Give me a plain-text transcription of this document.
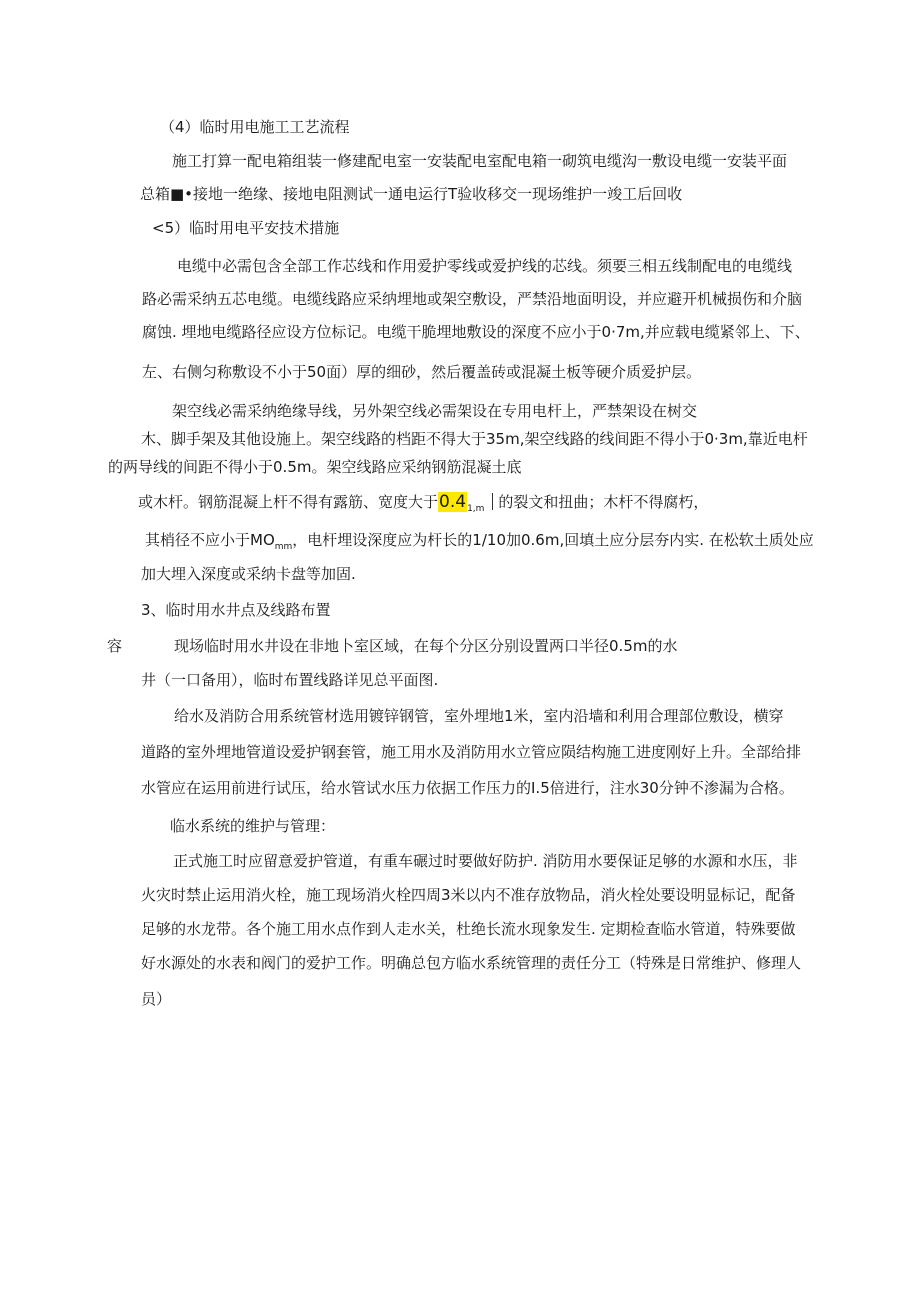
（4）临时用电施工工艺流程
施工打算一配电箱组装一修建配电室一安装配电室配电箱一砌筑电缆沟一敷设电缆一安装平面
总箱■•接地一绝缘、接地电阻测试一通电运行T验收移交一现场维护一竣工后回收
<5）临时用电平安技术措施
电缆中必需包含全部工作芯线和作用爱护零线或爱护线的芯线。须要三相五线制配电的电缆线
路必需采纳五芯电缆。电缆线路应采纳埋地或架空敷设，严禁沿地面明设，并应避开机械损伤和介脑
腐蚀. 埋地电缆路径应设方位标记。电缆干脆埋地敷设的深度不应小于0·7m,并应载电缆紧邻上、下、
左、右侧匀称敷设不小于50面）厚的细砂，然后覆盖砖或混凝土板等硬介质爱护层。
架空线必需采纳绝缘导线，另外架空线必需架设在专用电杆上，严禁架设在树交
木、脚手架及其他设施上。架空线路的档距不得大于35m,架空线路的线间距不得小于0·3m,靠近电杆
的两导线的间距不得小于0.5m。架空线路应采纳钢筋混凝土底
或木杆。钢筋混凝上杆不得有露筋、宽度大于$0.4_{1,m}$ 的裂文和扭曲；木杆不得腐朽，
其梢径不应小于$MO_{mm}$，电杆埋设深度应为杆长的1/10加0.6m,回填土应分层夯内实. 在松软土质处应
加大埋入深度或采纳卡盘等加固.
3、临时用水井点及线路布置
容	现场临时用水井设在非地卜室区域，在每个分区分别设置两口半径0.5m的水
井（一口备用），临时布置线路详见总平面图.
给水及消防合用系统管材选用镀锌钢管，室外埋地1米，室内沿墙和利用合理部位敷设，横穿
道路的室外埋地管道设爱护钢套管，施工用水及消防用水立管应陨结构施工进度刚好上升。全部给排
水管应在运用前进行试压，给水管试水压力依据工作压力的I.5倍进行，注水30分钟不渗漏为合格。
临水系统的维护与管理：
正式施工时应留意爱护管道，有重车碾过时要做好防护. 消防用水要保证足够的水源和水压，非
火灾时禁止运用消火栓，施工现场消火栓四周3米以内不准存放物品，消火栓处要设明显标记，配备
足够的水龙带。各个施工用水点作到人走水关，杜绝长流水现象发生. 定期检查临水管道，特殊要做
好水源处的水表和阀门的爱护工作。明确总包方临水系统管理的责任分工（特殊是日常维护、修理人
员）
